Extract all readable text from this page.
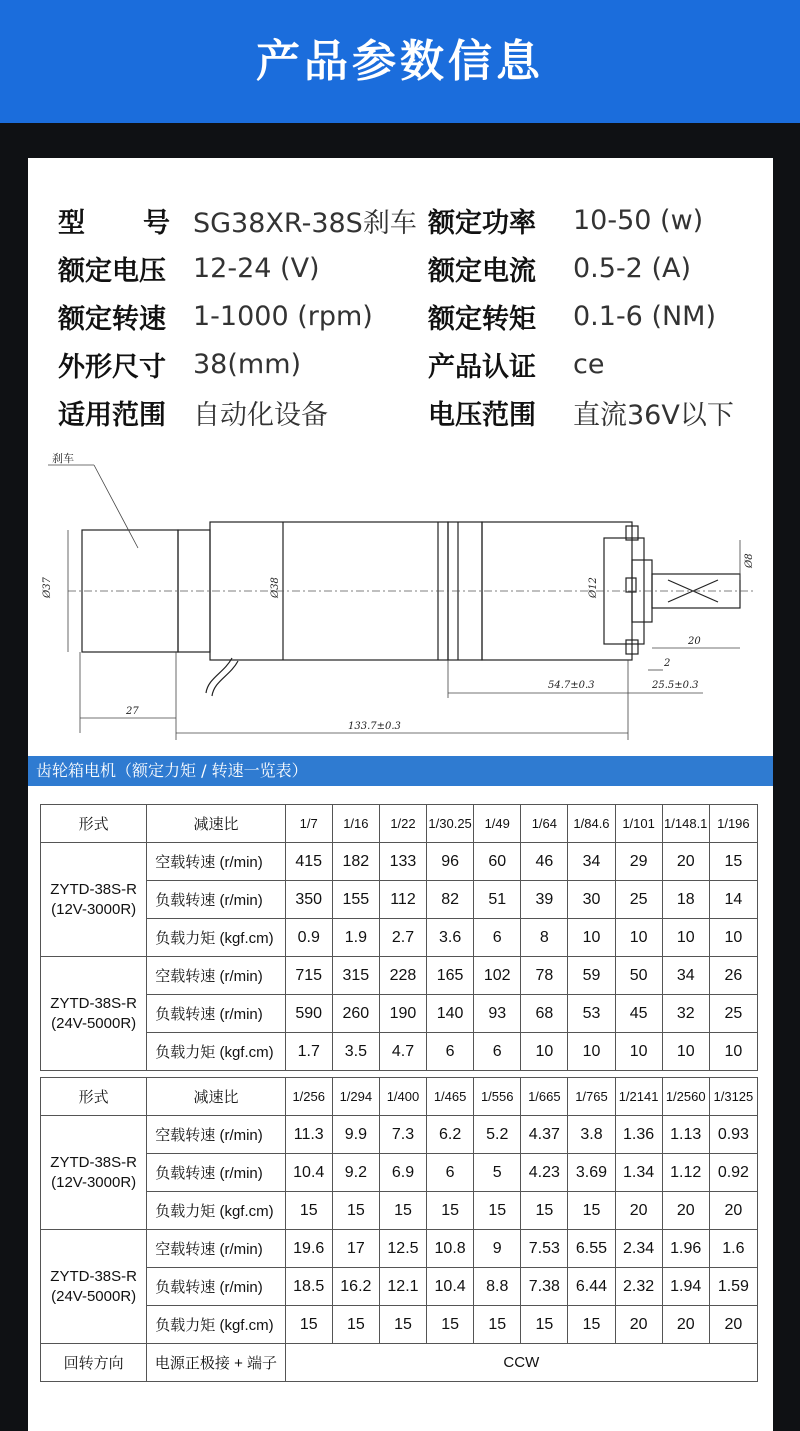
产品参数信息
型 号 SG38XR-38S刹车 额定功率	10-50 (w)
额定电压	12-24 (V)	额定电流	0.5-2 (A)
额定转速	1-1000 (rpm)	额定转矩	0.1-6 (NM)
外形尺寸	38(mm)	产品认证	ce
适用范围	自动化设备	电压范围	直流36V以下
刹车
Ø37	Ø38	Ø12
Ø8
20
2
54.7±0.3	25.5±0.3
27
133.7±0.3
齿轮箱电机（额定力矩 / 转速一览表）
形式	减速比	1/7	1/16	1/22	1/30.25	1/49	1/64	1/84.6	1/101	1/148.1	1/196

ZYTD-38S-R
(12V-3000R)	空载转速 (r/min)	415	182	133	96	60	46	34	29	20	15
	负载转速 (r/min)	350	155	112	82	51	39	30	25	18	14
	负载力矩 (kgf.cm)	0.9	1.9	2.7	3.6	6	8	10	10	10	10

ZYTD-38S-R
(24V-5000R)	空载转速 (r/min)	715	315	228	165	102	78	59	50	34	26
	负载转速 (r/min)	590	260	190	140	93	68	53	45	32	25
	负载力矩 (kgf.cm)	1.7	3.5	4.7	6	6	10	10	10	10	10

形式	减速比	1/256	1/294	1/400	1/465	1/556	1/665	1/765	1/2141	1/2560	1/3125

ZYTD-38S-R
(12V-3000R)	空载转速 (r/min)	11.3	9.9	7.3	6.2	5.2	4.37	3.8	1.36	1.13	0.93
	负载转速 (r/min)	10.4	9.2	6.9	6	5	4.23	3.69	1.34	1.12	0.92
	负载力矩 (kgf.cm)	15	15	15	15	15	15	15	20	20	20

ZYTD-38S-R
(24V-5000R)	空载转速 (r/min)	19.6	17	12.5	10.8	9	7.53	6.55	2.34	1.96	1.6
	负载转速 (r/min)	18.5	16.2	12.1	10.4	8.8	7.38	6.44	2.32	1.94	1.59
	负载力矩 (kgf.cm)	15	15	15	15	15	15	15	20	20	20
回转方向	电源正极接 + 端子	CCW									
